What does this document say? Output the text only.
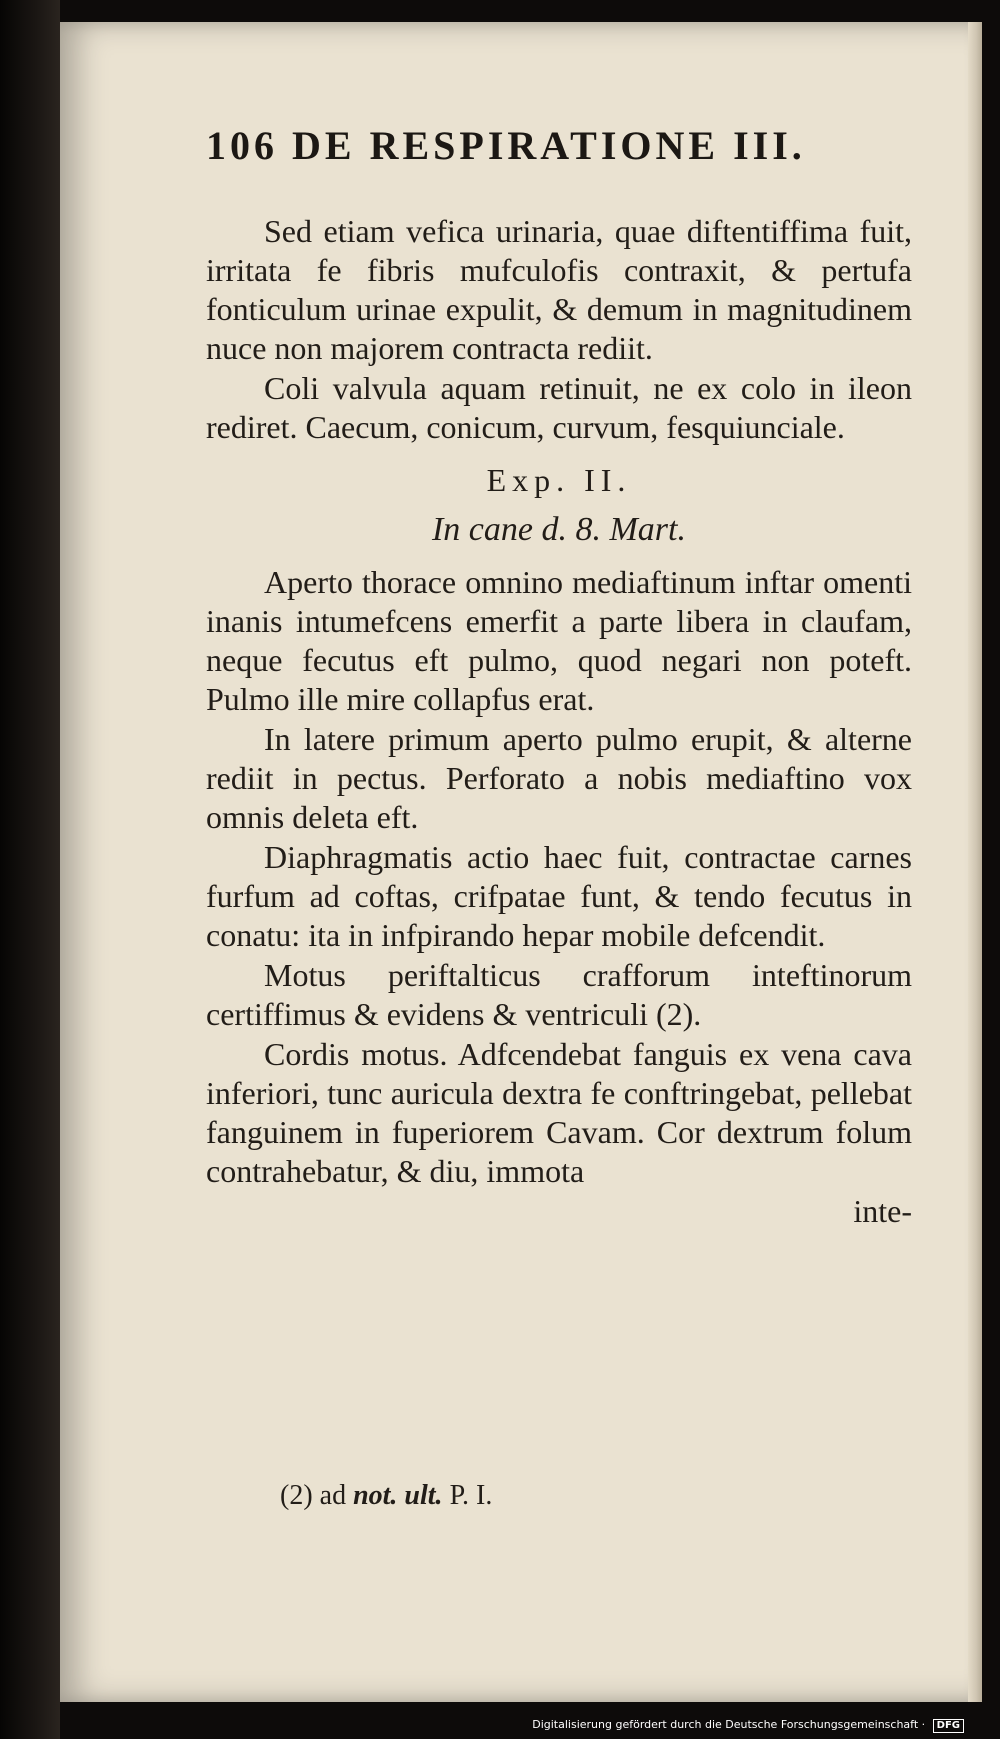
106 DE RESPIRATIONE III.

Sed etiam vefica urinaria, quae diftentiffima fuit, irritata fe fibris mufculofis contraxit, & pertufa fonticulum urinae expulit, & demum in magnitudinem nuce non majorem contracta rediit.

Coli valvula aquam retinuit, ne ex colo in ileon rediret. Caecum, conicum, curvum, fesquiunciale.

Exp. II.
In cane d. 8. Mart.

Aperto thorace omnino mediaftinum inftar omenti inanis intumefcens emerfit a parte libera in claufam, neque fecutus eft pulmo, quod negari non poteft. Pulmo ille mire collapfus erat.

In latere primum aperto pulmo erupit, & alterne rediit in pectus. Perforato a nobis mediaftino vox omnis deleta eft.

Diaphragmatis actio haec fuit, contractae carnes furfum ad coftas, crifpatae funt, & tendo fecutus in conatu: ita in infpirando hepar mobile defcendit.

Motus periftalticus crafforum inteftinorum certiffimus & evidens & ventriculi (2).

Cordis motus. Adfcendebat fanguis ex vena cava inferiori, tunc auricula dextra fe conftringebat, pellebat fanguinem in fuperiorem Cavam. Cor dextrum folum contrahebatur, & diu, immota

inte-

(2) ad not. ult. P. I.
Digitalisierung gefördert durch die Deutsche Forschungsgemeinschaft · DFG
